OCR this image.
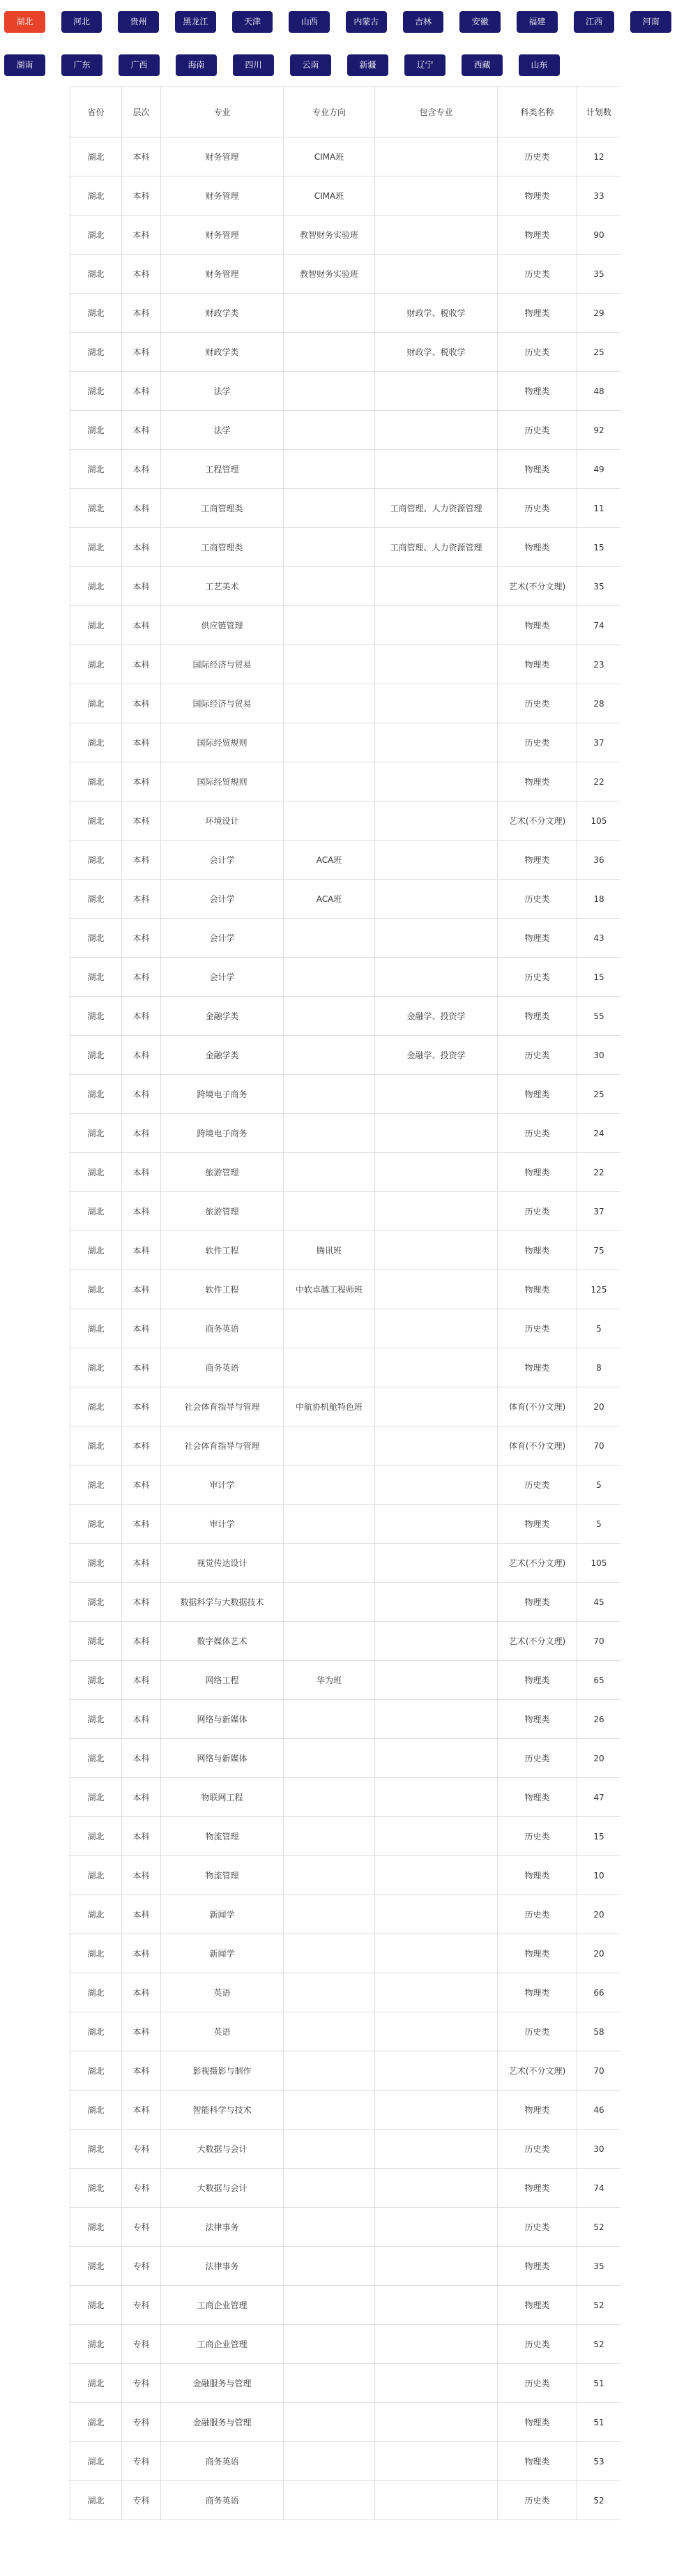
湖北	河北	贵州	黑龙江	天津	山西	内蒙古	吉林	安徽	福建	江西	河南
湖南	广东	广西	海南	四川	云南	新疆	辽宁	西藏	山东
省份	层次	专业	专业方向	包含专业	科类名称	计划数
湖北	本科	财务管理	CIMA班		历史类	12
湖北	本科	财务管理	CIMA班		物理类	33
湖北	本科	财务管理	教智财务实验班		物理类	90
湖北	本科	财务管理	教智财务实验班		历史类	35
湖北	本科	财政学类		财政学、税收学	物理类	29
湖北	本科	财政学类		财政学、税收学	历史类	25
湖北	本科	法学			物理类	48
湖北	本科	法学			历史类	92
湖北	本科	工程管理			物理类	49
湖北	本科	工商管理类		工商管理、人力资源管理	历史类	11
湖北	本科	工商管理类		工商管理、人力资源管理	物理类	15
湖北	本科	工艺美术			艺术(不分文理)	35
湖北	本科	供应链管理			物理类	74
湖北	本科	国际经济与贸易			物理类	23
湖北	本科	国际经济与贸易			历史类	28
湖北	本科	国际经贸规则			历史类	37
湖北	本科	国际经贸规则			物理类	22
湖北	本科	环境设计			艺术(不分文理)	105
湖北	本科	会计学	ACA班		物理类	36
湖北	本科	会计学	ACA班		历史类	18
湖北	本科	会计学			物理类	43
湖北	本科	会计学			历史类	15
湖北	本科	金融学类		金融学、投资学	物理类	55
湖北	本科	金融学类		金融学、投资学	历史类	30
湖北	本科	跨境电子商务			物理类	25
湖北	本科	跨境电子商务			历史类	24
湖北	本科	旅游管理			物理类	22
湖北	本科	旅游管理			历史类	37
湖北	本科	软件工程	腾讯班		物理类	75
湖北	本科	软件工程	中软卓越工程师班		物理类	125
湖北	本科	商务英语			历史类	5
湖北	本科	商务英语			物理类	8
湖北	本科	社会体育指导与管理	中航协机舱特色班		体育(不分文理)	20
湖北	本科	社会体育指导与管理			体育(不分文理)	70
湖北	本科	审计学			历史类	5
湖北	本科	审计学			物理类	5
湖北	本科	视觉传达设计			艺术(不分文理)	105
湖北	本科	数据科学与大数据技术			物理类	45
湖北	本科	数字媒体艺术			艺术(不分文理)	70
湖北	本科	网络工程	华为班		物理类	65
湖北	本科	网络与新媒体			物理类	26
湖北	本科	网络与新媒体			历史类	20
湖北	本科	物联网工程			物理类	47
湖北	本科	物流管理			历史类	15
湖北	本科	物流管理			物理类	10
湖北	本科	新闻学			历史类	20
湖北	本科	新闻学			物理类	20
湖北	本科	英语			物理类	66
湖北	本科	英语			历史类	58
湖北	本科	影视摄影与制作			艺术(不分文理)	70
湖北	本科	智能科学与技术			物理类	46
湖北	专科	大数据与会计			历史类	30
湖北	专科	大数据与会计			物理类	74
湖北	专科	法律事务			历史类	52
湖北	专科	法律事务			物理类	35
湖北	专科	工商企业管理			物理类	52
湖北	专科	工商企业管理			历史类	52
湖北	专科	金融服务与管理			历史类	51
湖北	专科	金融服务与管理			物理类	51
湖北	专科	商务英语			物理类	53
湖北	专科	商务英语			历史类	52
